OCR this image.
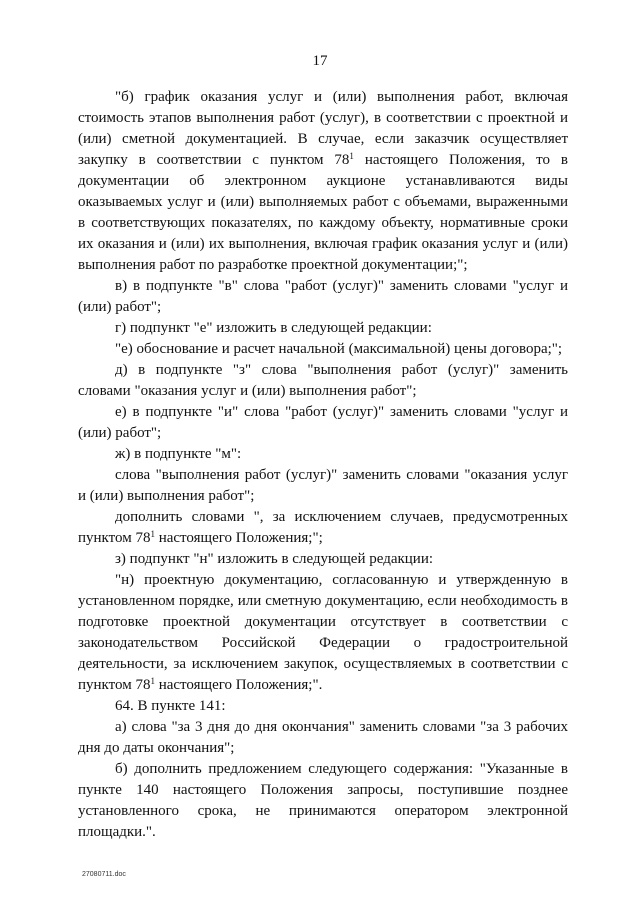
17

"б) график оказания услуг и (или) выполнения работ, включая стоимость этапов выполнения работ (услуг), в соответствии с проектной и (или) сметной документацией. В случае, если заказчик осуществляет закупку в соответствии с пунктом $78^1$ настоящего Положения, то в документации об электронном аукционе устанавливаются виды оказываемых услуг и (или) выполняемых работ с объемами, выраженными в соответствующих показателях, по каждому объекту, нормативные сроки их оказания и (или) их выполнения, включая график оказания услуг и (или) выполнения работ по разработке проектной документации;";

в) в подпункте "в" слова "работ (услуг)" заменить словами "услуг и (или) работ";

г) подпункт "е" изложить в следующей редакции:

"е) обоснование и расчет начальной (максимальной) цены договора;";

д) в подпункте "з" слова "выполнения работ (услуг)" заменить словами "оказания услуг и (или) выполнения работ";

е) в подпункте "и" слова "работ (услуг)" заменить словами "услуг и (или) работ";

ж) в подпункте "м":

слова "выполнения работ (услуг)" заменить словами "оказания услуг и (или) выполнения работ";

дополнить словами ", за исключением случаев, предусмотренных пунктом $78^1$ настоящего Положения;";

з) подпункт "н" изложить в следующей редакции:

"н) проектную документацию, согласованную и утвержденную в установленном порядке, или сметную документацию, если необходимость в подготовке проектной документации отсутствует в соответствии с законодательством Российской Федерации о градостроительной деятельности, за исключением закупок, осуществляемых в соответствии с пунктом $78^1$ настоящего Положения;".

64. В пункте 141:

а) слова "за 3 дня до дня окончания" заменить словами "за 3 рабочих дня до даты окончания";

б) дополнить предложением следующего содержания: "Указанные в пункте 140 настоящего Положения запросы, поступившие позднее установленного срока, не принимаются оператором электронной площадки.".

27080711.doc
